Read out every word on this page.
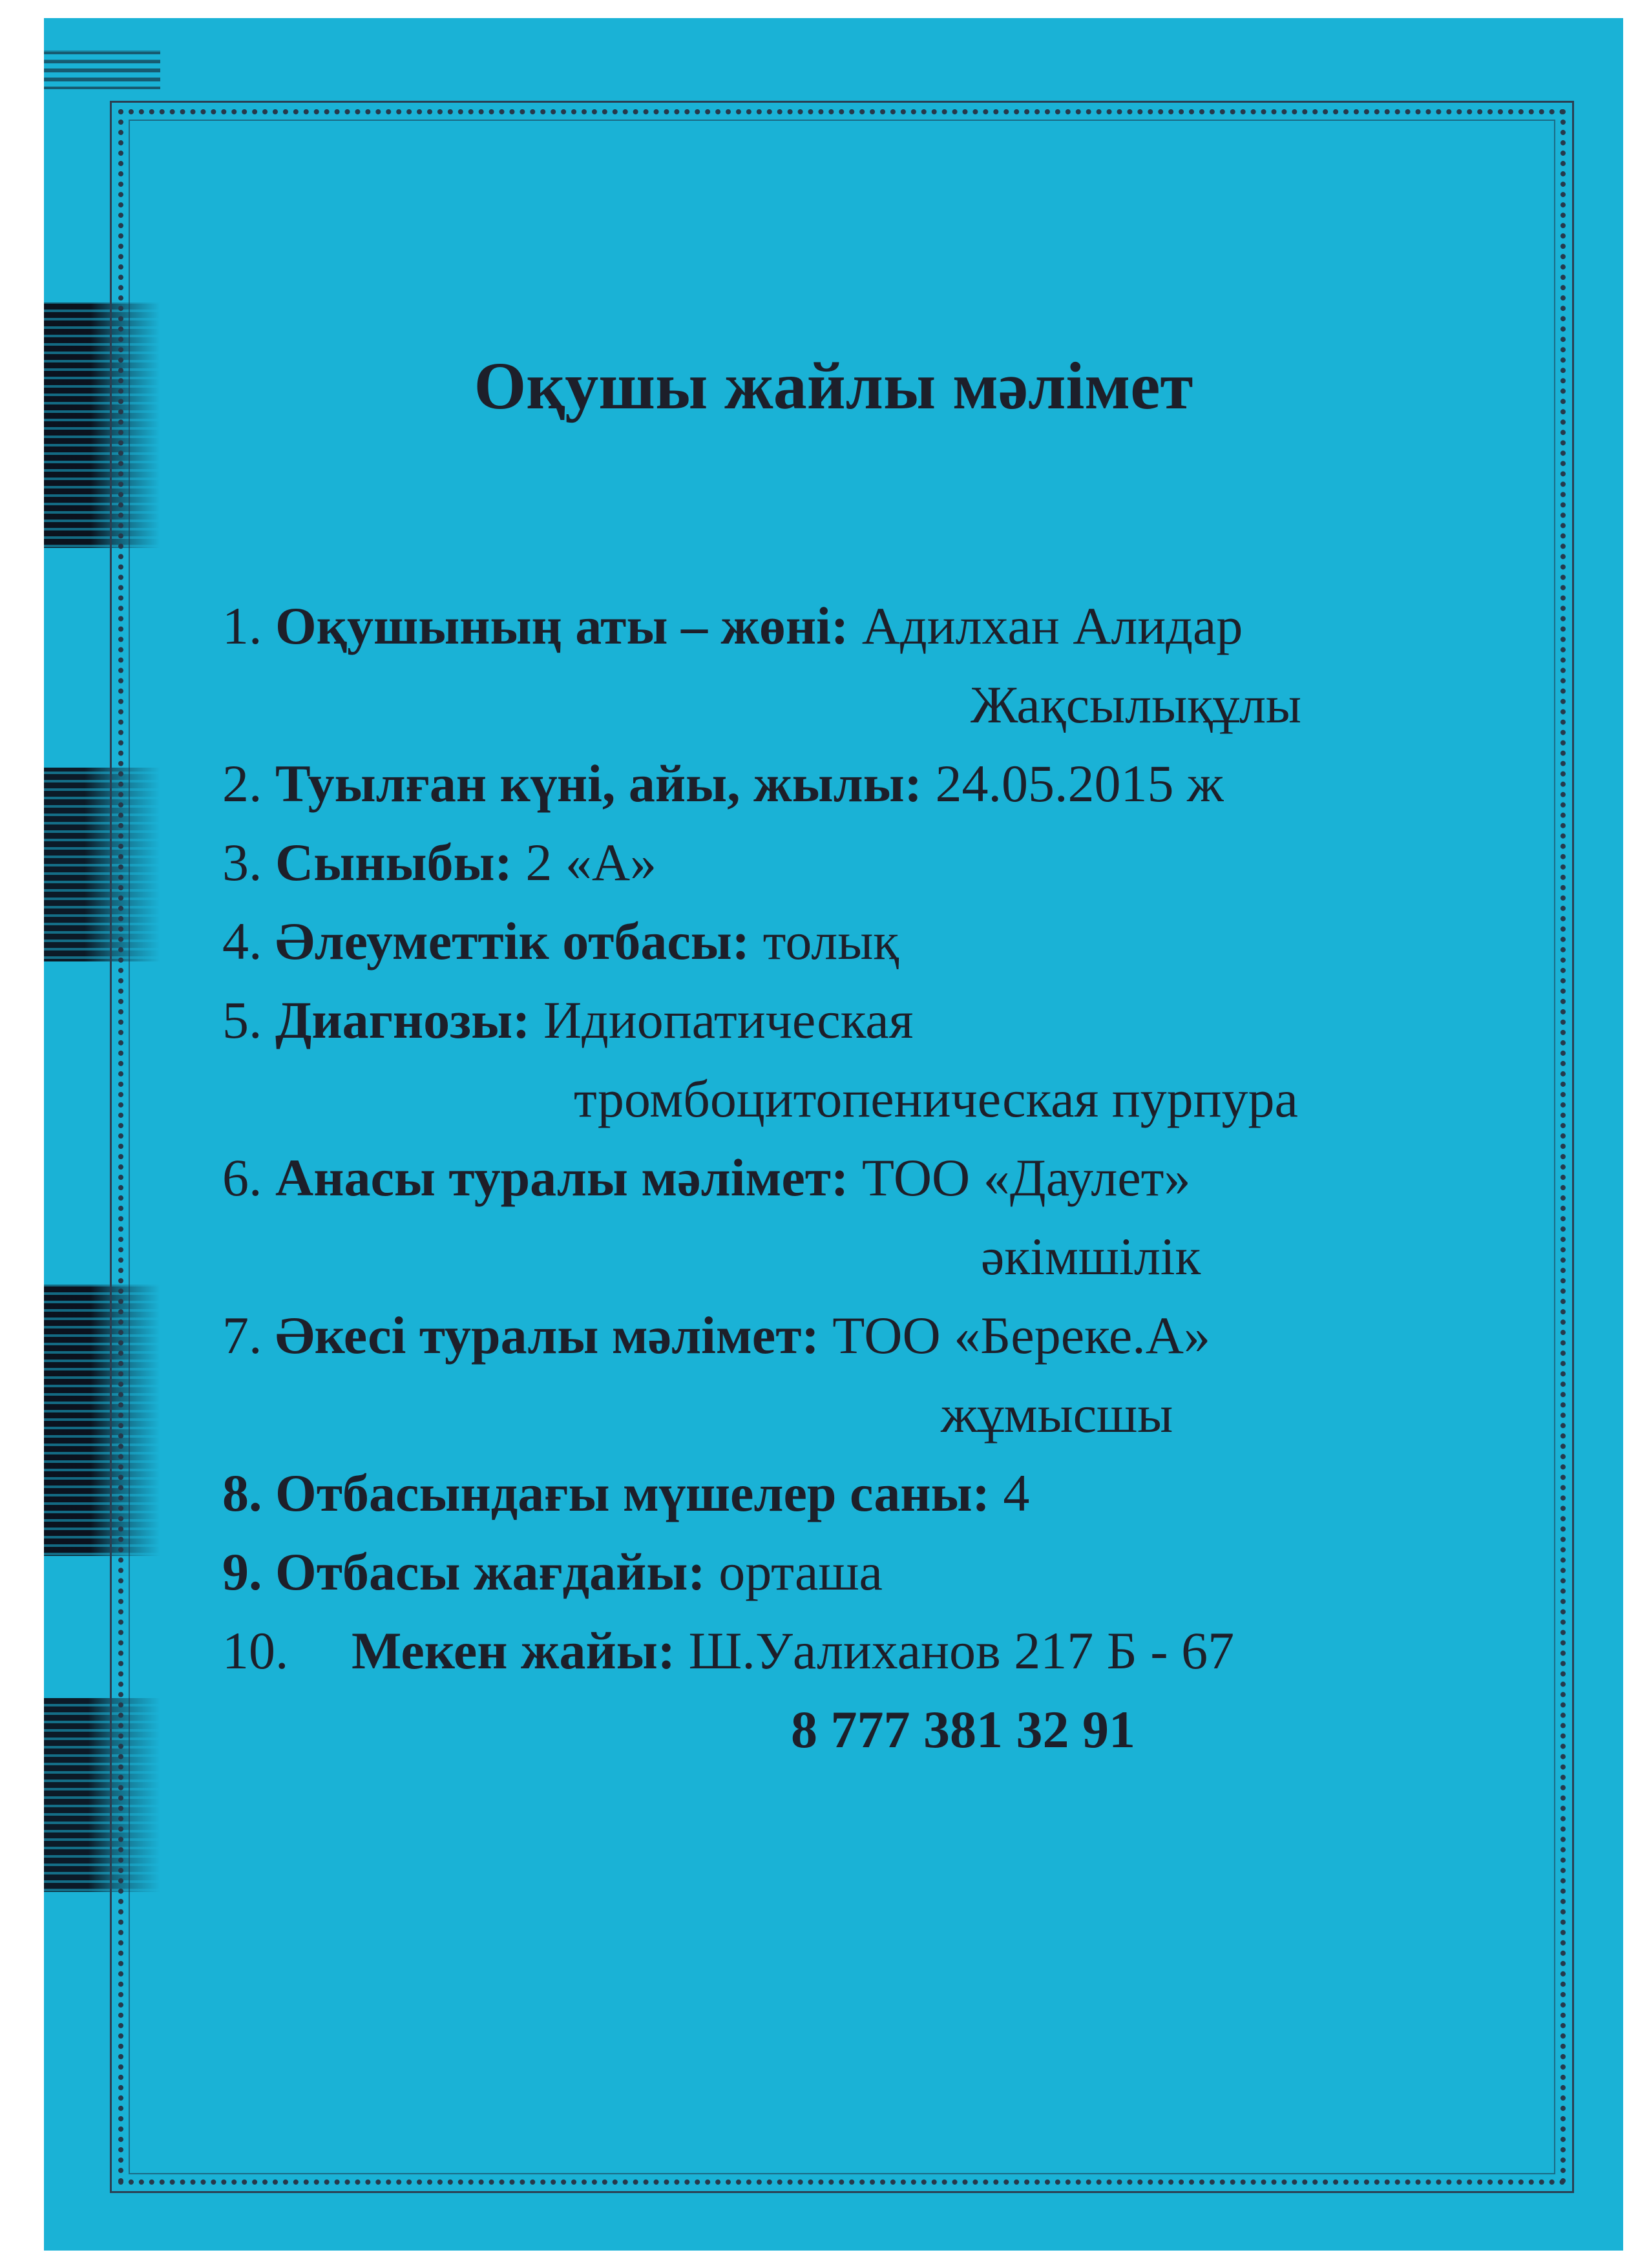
Оқушы жайлы мәлімет
1. Оқушының аты – жөні: Адилхан Алидар
Жақсылықұлы
2. Туылған күні, айы, жылы: 24.05.2015 ж
3. Сыныбы: 2 «А»
4. Әлеуметтік отбасы: толық
5. Диагнозы: Идиопатическая
тромбоцитопеническая пурпура
6. Анасы туралы мәлімет: ТОО «Даулет»
әкімшілік
7. Әкесі туралы мәлімет: ТОО «Береке.А»
жұмысшы
8. Отбасындағы мүшелер саны: 4
9. Отбасы жағдайы: орташа
10. Мекен жайы: Ш.Уалиханов 217 Б - 67
8 777 381 32 91
